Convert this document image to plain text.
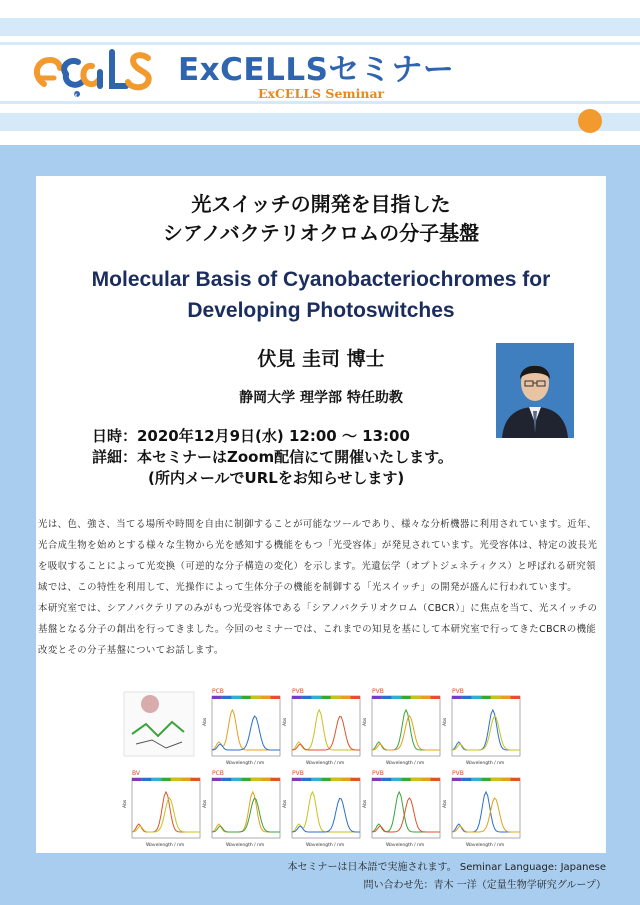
x
ExCELLSセミナー
ExCELLS Seminar
光スイッチの開発を目指した
シアノバクテリオクロムの分子基盤
Molecular Basis of Cyanobacteriochromes for
Developing Photoswitches
伏見 圭司 博士
静岡大学 理学部 特任助教
日時：2020年12月9日(水) 12:00 ～ 13:00
詳細：本セミナーはZoom配信にて開催いたします。
(所内メールでURLをお知らせします)

光は、色、強さ、当てる場所や時間を自由に制御することが可能なツールであり、様々な分析機器に利用されています。近年、光合成生物を始めとする様々な生物から光を感知する機能をもつ「光受容体」が発見されています。光受容体は、特定の波長光を吸収することによって光変換（可逆的な分子構造の変化）を示します。光遺伝学（オプトジェネティクス）と呼ばれる研究領域では、この特性を利用して、光操作によって生体分子の機能を制御する「光スイッチ」の開発が盛んに行われています。

本研究室では、シアノバクテリアのみがもつ光受容体である「シアノバクテリオクロム（CBCR）」に焦点を当て、光スイッチの基盤となる分子の創出を行ってきました。今回のセミナーでは、これまでの知見を基にして本研究室で行ってきたCBCRの機能改変とその分子基盤についてお話します。

PCB
Wavelength / nm
Abs
PVB
Wavelength / nm
Abs
PVB
Wavelength / nm
Abs
PVB
Wavelength / nm
Abs
BV
Wavelength / nm
Abs
PCB
Wavelength / nm
Abs
PVB
Wavelength / nm
Abs
PVB
Wavelength / nm
Abs
PVB
Wavelength / nm
Abs
本セミナーは日本語で実施されます。 Seminar Language: Japanese
問い合わせ先：青木 一洋（定量生物学研究グループ）
